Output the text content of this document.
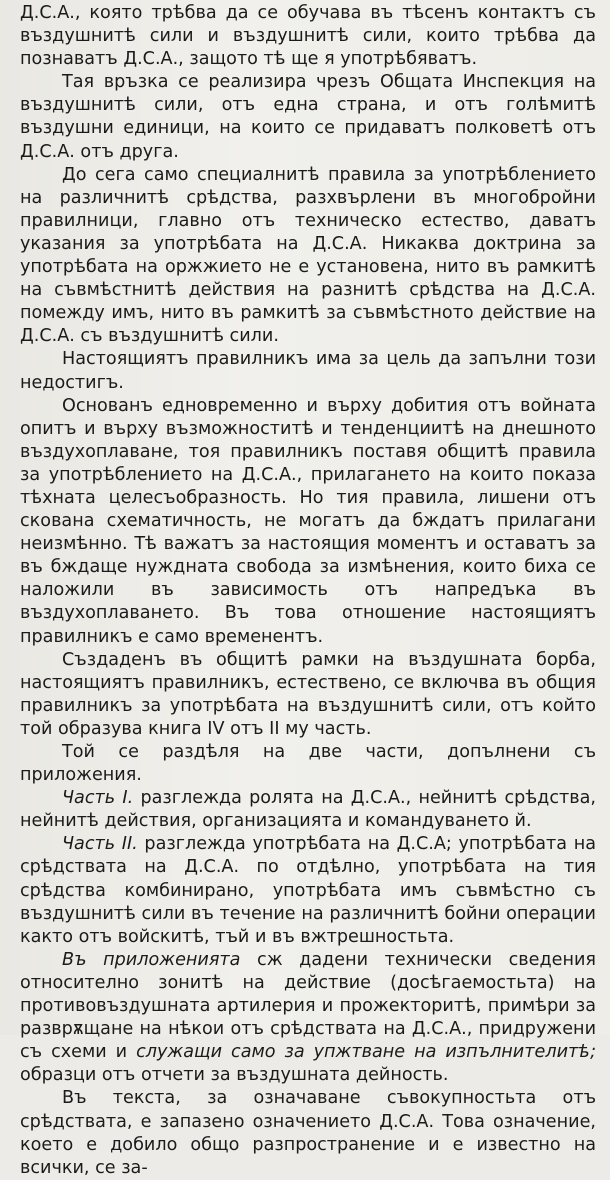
Д.С.А., която трѣбва да се обучава въ тѣсенъ контактъ съ въздушнитѣ сили и въздушнитѣ сили, които трѣбва да познаватъ Д.С.А., защото тѣ ще я употрѣбяватъ.

Тая връзка се реализира чрезъ Общата Инспекция на въздушнитѣ сили, отъ една страна, и отъ голѣмитѣ въздушни единици, на които се придаватъ полковетѣ отъ Д.С.А. отъ друга.

До сега само специалнитѣ правила за употрѣблението на различнитѣ срѣдства, разхвърлени въ многобройни правилници, главно отъ техническо естество, даватъ указания за употрѣбата на Д.С.А. Никаква доктрина за употрѣбата на оржжието не е установена, нито въ рамкитѣ на съвмѣстнитѣ действия на разнитѣ срѣдства на Д.С.А. помежду имъ, нито въ рамкитѣ за съвмѣстното действие на Д.С.А. съ въздушнитѣ сили.

Настоящиятъ правилникъ има за цель да запълни този недостигъ.

Основанъ едновременно и върху добития отъ войната опитъ и върху възможноститѣ и тенденциитѣ на днешното въздухоплаване, тоя правилникъ поставя общитѣ правила за употрѣблението на Д.С.А., прилагането на които показа тѣхната целесъобразность. Но тия правила, лишени отъ скована схематичность, не могатъ да бждатъ прилагани неизмѣнно. Тѣ важатъ за настоящия моментъ и оставатъ за въ бждаще нуждната свобода за измѣнения, които биха се наложили въ зависимость отъ напредъка въ въздухоплаването. Въ това отношение настоящиятъ правилникъ е само временентъ.

Създаденъ въ общитѣ рамки на въздушната борба, настоящиятъ правилникъ, естествено, се включва въ общия правилникъ за употрѣбата на въздушнитѣ сили, отъ който той образува книга IV отъ II му часть.

Той се раздѣля на две части, допълнени съ приложения.

Часть I. разглежда ролята на Д.С.А., нейнитѣ срѣдства, нейнитѣ действия, организацията и командуването й.

Часть II. разглежда употрѣбата на Д.С.А; употрѣбата на срѣдствата на Д.С.А. по отдѣлно, употрѣбата на тия срѣдства комбинирано, употрѣбата имъ съвмѣстно съ въздушнитѣ сили въ течение на различнитѣ бойни операции както отъ войскитѣ, тъй и въ вжтрешностьта.

Въ приложенията сж дадени технически сведения относително зонитѣ на действие (досѣгаемостьта) на противовъздушната артилерия и прожекторитѣ, примѣри за разврѫщане на нѣкои отъ срѣдствата на Д.С.А., придружени съ схеми и служащи само за упжтване на изпълнителитѣ; образци отъ отчети за въздушната дейность.

Въ текста, за означаване съвокупностьта отъ срѣдствата, е запазено означението Д.С.А. Това означение, което е добило общо разпространение и е известно на всички, се за-
